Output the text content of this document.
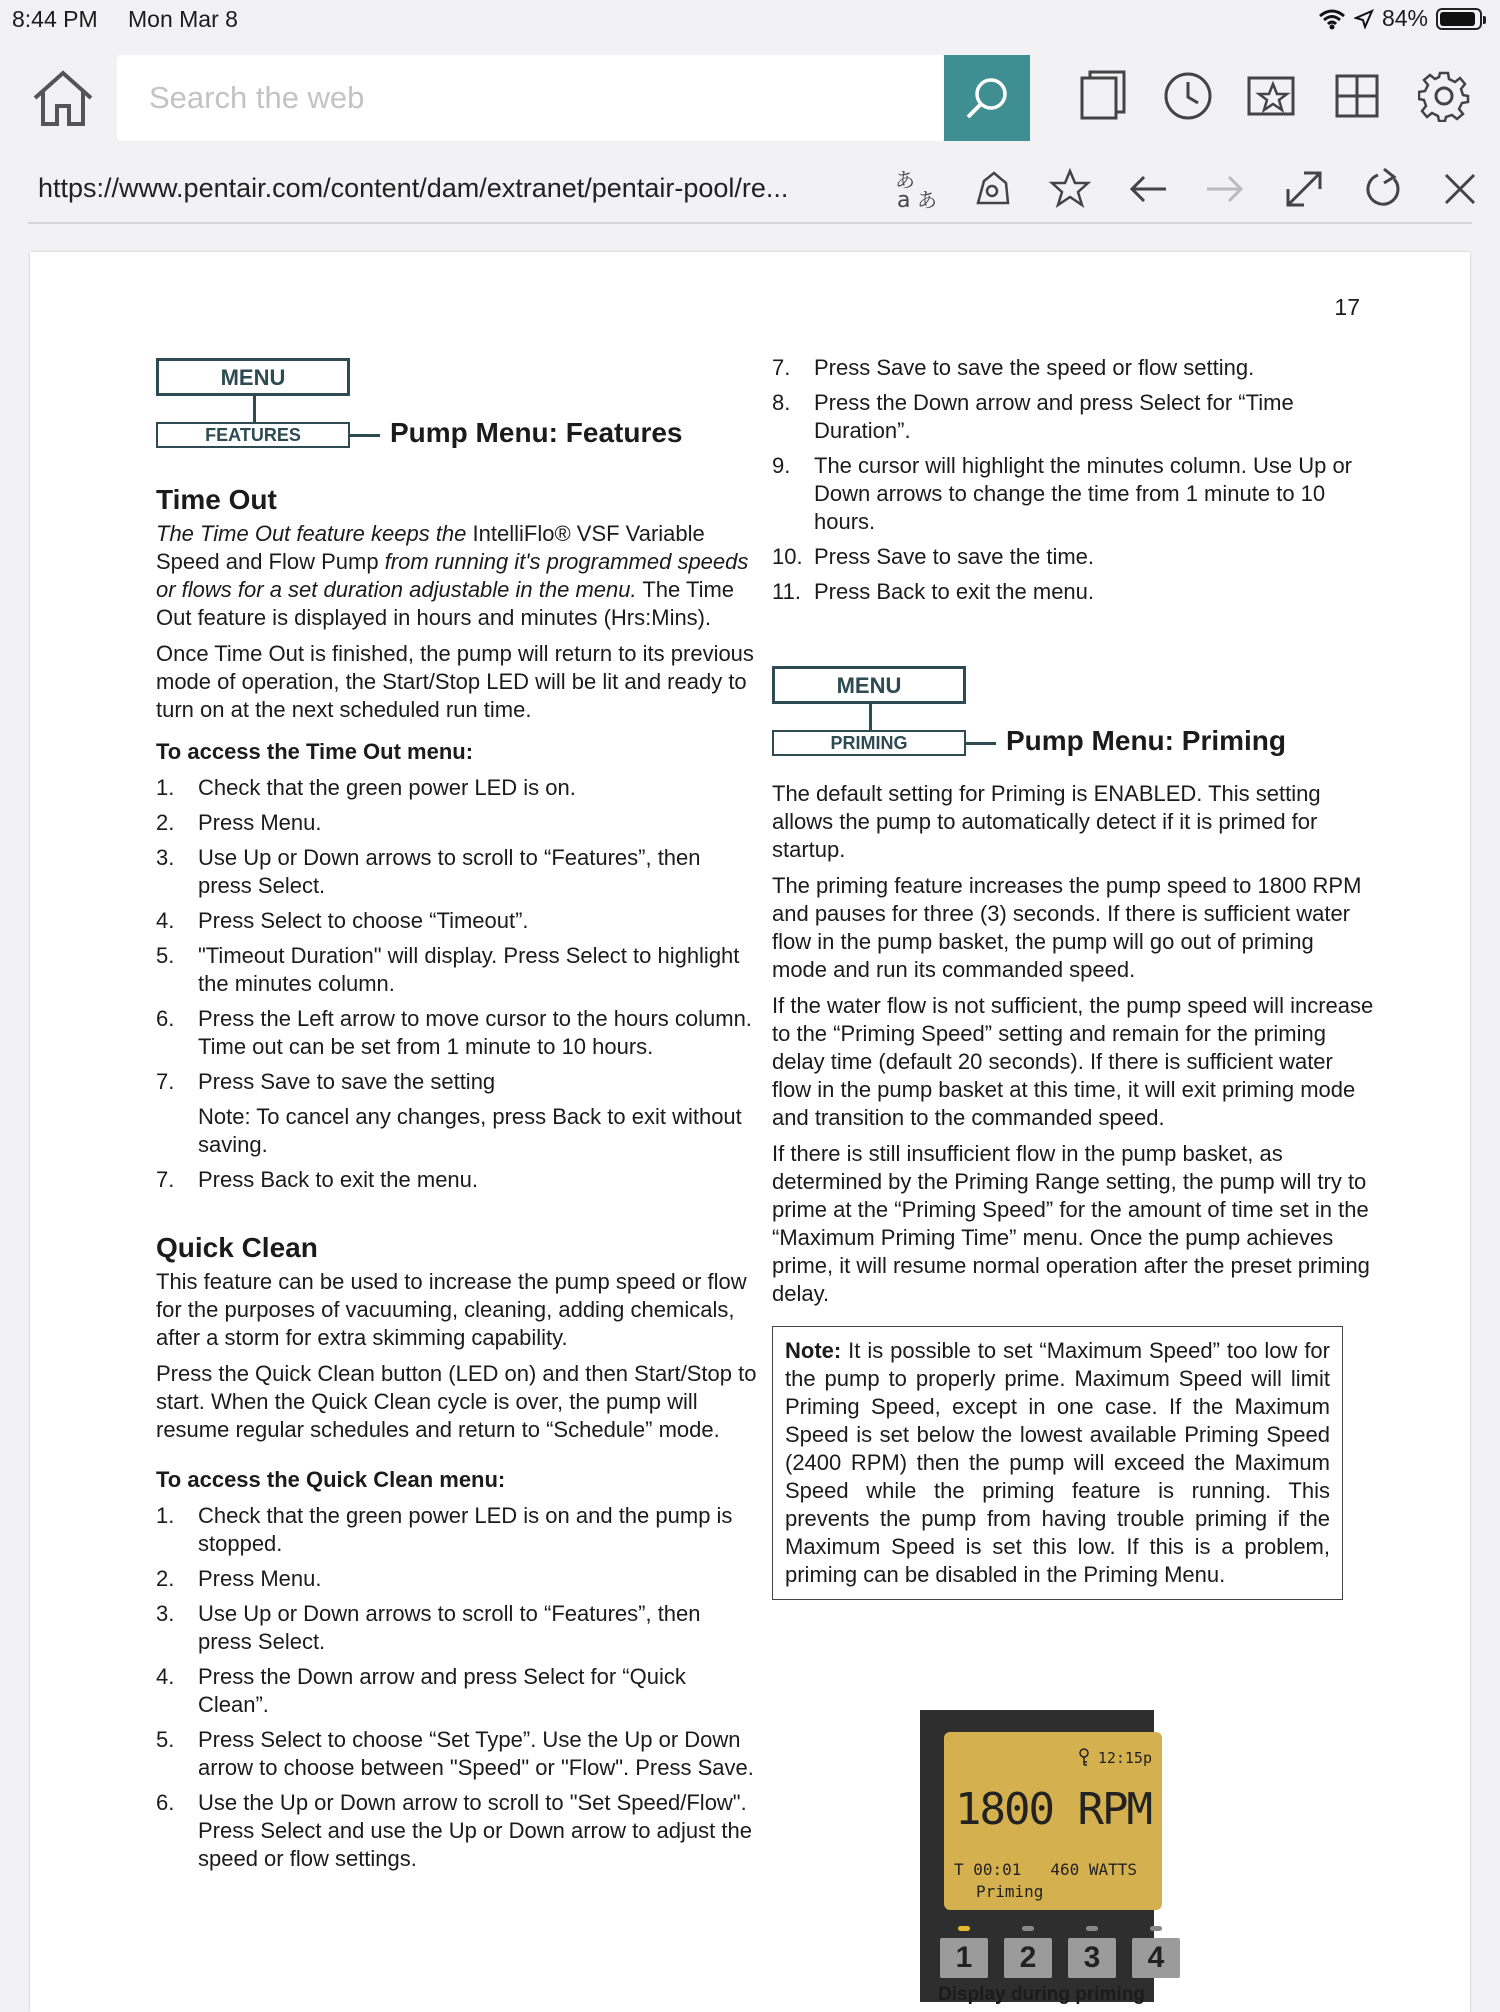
8:44 PM Mon Mar 8	84%
Search the web
https://www.pentair.com/content/dam/extranet/pentair-pool/re...	あ
a あ
17
MENU
FEATURES	Pump Menu: Features
Time Out

The Time Out feature keeps the IntelliFlo® VSF Variable Speed and Flow Pump from running it's programmed speeds or flows for a set duration adjustable in the menu. The Time Out feature is displayed in hours and minutes (Hrs:Mins).

Once Time Out is finished, the pump will return to its previous mode of operation, the Start/Stop LED will be lit and ready to turn on at the next scheduled run time.

To access the Time Out menu:

1. Check that the green power LED is on.
2. Press Menu.
3. Use Up or Down arrows to scroll to “Features”, then press Select.
4. Press Select to choose “Timeout”.
5. "Timeout Duration" will display. Press Select to highlight the minutes column.
6. Press the Left arrow to move cursor to the hours column. Time out can be set from 1 minute to 10 hours.
7. Press Save to save the setting
Note: To cancel any changes, press Back to exit without saving.
7. Press Back to exit the menu.
Quick Clean

This feature can be used to increase the pump speed or flow for the purposes of vacuuming, cleaning, adding chemicals, after a storm for extra skimming capability.

Press the Quick Clean button (LED on) and then Start/Stop to start. When the Quick Clean cycle is over, the pump will resume regular schedules and return to “Schedule” mode.

To access the Quick Clean menu:

1. Check that the green power LED is on and the pump is stopped.
2. Press Menu.
3. Use Up or Down arrows to scroll to “Features”, then press Select.
4. Press the Down arrow and press Select for “Quick Clean”.
5. Press Select to choose “Set Type”. Use the Up or Down arrow to choose between "Speed" or "Flow". Press Save.
6. Use the Up or Down arrow to scroll to "Set Speed/Flow". Press Select and use the Up or Down arrow to adjust the speed or flow settings.
7. Press Save to save the speed or flow setting.
8. Press the Down arrow and press Select for “Time Duration”.
9. The cursor will highlight the minutes column. Use Up or Down arrows to change the time from 1 minute to 10 hours.
10. Press Save to save the time.
11. Press Back to exit the menu.
MENU
PRIMING	Pump Menu: Priming

The default setting for Priming is ENABLED. This setting allows the pump to automatically detect if it is primed for startup.

The priming feature increases the pump speed to 1800 RPM and pauses for three (3) seconds. If there is sufficient water flow in the pump basket, the pump will go out of priming mode and run its commanded speed.

If the water flow is not sufficient, the pump speed will increase to the “Priming Speed” setting and remain for the priming delay time (default 20 seconds). If there is sufficient water flow in the pump basket at this time, it will exit priming mode and transition to the commanded speed.

If there is still insufficient flow in the pump basket, as determined by the Priming Range setting, the pump will try to prime at the “Priming Speed” for the amount of time set in the “Maximum Priming Time” menu. Once the pump achieves prime, it will resume normal operation after the preset priming delay.

Note: It is possible to set “Maximum Speed” too low for the pump to properly prime. Maximum Speed will limit Priming Speed, except in one case. If the Maximum Speed is set below the lowest available Priming Speed (2400 RPM) then the pump will exceed the Maximum Speed while the priming feature is running. This prevents the pump from having trouble priming if the Maximum Speed is set this low. If this is a problem, priming can be disabled in the Priming Menu.
12:15p
1800 RPM
T 00:01   460 WATTS
Priming
1	2	3	4
Display during priming
